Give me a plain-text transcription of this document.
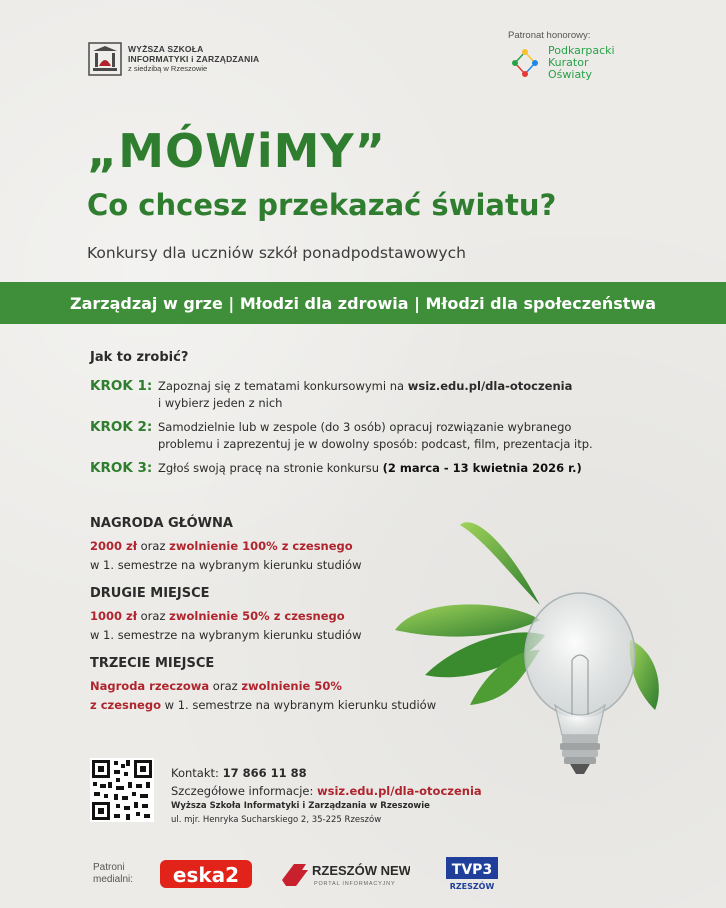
WYŻSZA SZKOŁA
INFORMATYKI i ZARZĄDZANIA
z siedzibą w Rzeszowie
Patronat honorowy:
Podkarpacki
Kurator
Oświaty
„MÓWiMY”
Co chcesz przekazać światu?
Konkursy dla uczniów szkół ponadpodstawowych
Zarządzaj w grze | Młodzi dla zdrowia | Młodzi dla społeczeństwa
Jak to zrobić?
KROK 1: Zapoznaj się z tematami konkursowymi na wsiz.edu.pl/dla-otoczenia
i wybierz jeden z nich
KROK 2: Samodzielnie lub w zespole (do 3 osób) opracuj rozwiązanie wybranego
problemu i zaprezentuj je w dowolny sposób: podcast, film, prezentacja itp.
KROK 3: Zgłoś swoją pracę na stronie konkursu (2 marca - 13 kwietnia 2026 r.)
NAGRODA GŁÓWNA
2000 zł oraz zwolnienie 100% z czesnego
w 1. semestrze na wybranym kierunku studiów
DRUGIE MIEJSCE
1000 zł oraz zwolnienie 50% z czesnego
w 1. semestrze na wybranym kierunku studiów
TRZECIE MIEJSCE
Nagroda rzeczowa oraz zwolnienie 50%
z czesnego w 1. semestrze na wybranym kierunku studiów
Kontakt: 17 866 11 88
Szczegółowe informacje: wsiz.edu.pl/dla-otoczenia
Wyższa Szkoła Informatyki i Zarządzania w Rzeszowie
ul. mjr. Henryka Sucharskiego 2, 35-225 Rzeszów
Patroni
medialni: eska2	RZESZÓW NEWS
PORTAL INFORMACYJNY
TVP3
RZESZÓW
